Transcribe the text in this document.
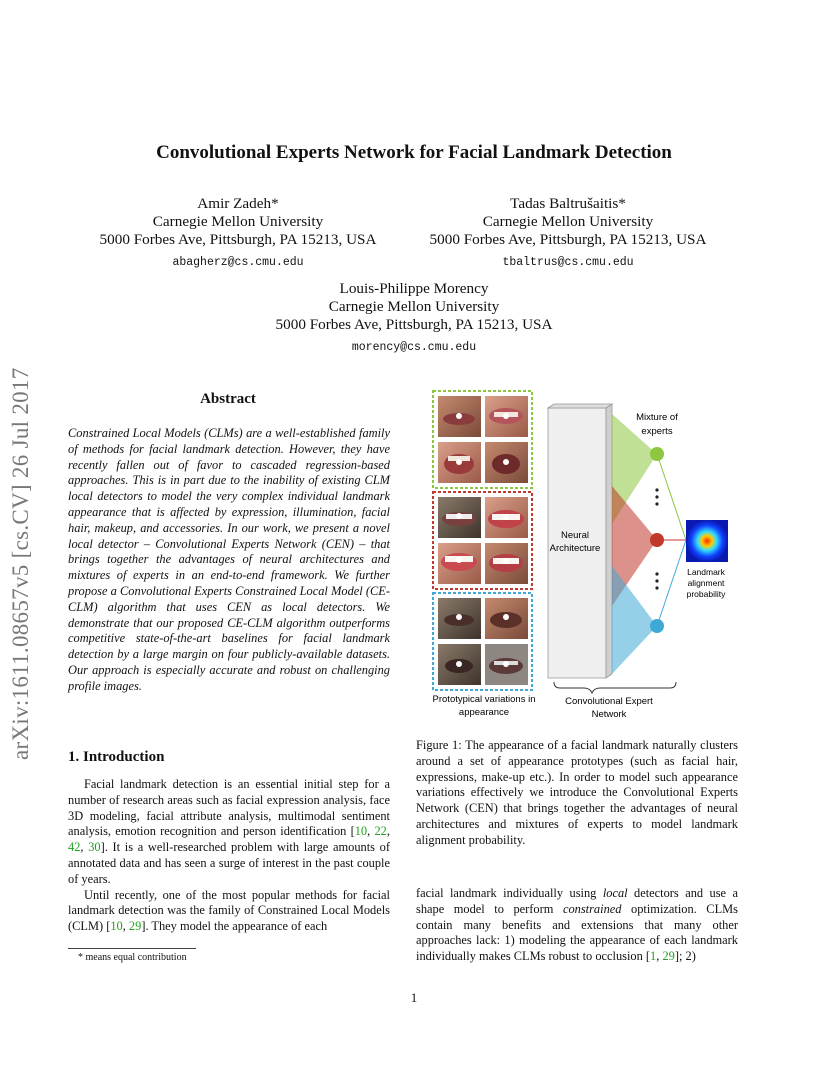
arXiv:1611.08657v5 [cs.CV] 26 Jul 2017
Convolutional Experts Network for Facial Landmark Detection
Amir Zadeh*
Carnegie Mellon University
5000 Forbes Ave, Pittsburgh, PA 15213, USA
abagherz@cs.cmu.edu
Tadas Baltrušaitis*
Carnegie Mellon University
5000 Forbes Ave, Pittsburgh, PA 15213, USA
tbaltrus@cs.cmu.edu
Louis-Philippe Morency
Carnegie Mellon University
5000 Forbes Ave, Pittsburgh, PA 15213, USA
morency@cs.cmu.edu
Abstract
Constrained Local Models (CLMs) are a well-established family of methods for facial landmark detection. However, they have recently fallen out of favor to cascaded regression-based approaches. This is in part due to the inability of existing CLM local detectors to model the very complex individual landmark appearance that is affected by expression, illumination, facial hair, makeup, and accessories. In our work, we present a novel local detector – Convolutional Experts Network (CEN) – that brings together the advantages of neural architectures and mixtures of experts in an end-to-end framework. We further propose a Convolutional Experts Constrained Local Model (CE-CLM) algorithm that uses CEN as local detectors. We demonstrate that our proposed CE-CLM algorithm outperforms competitive state-of-the-art baselines for facial landmark detection by a large margin on four publicly-available datasets. Our approach is especially accurate and robust on challenging profile images.
1. Introduction

Facial landmark detection is an essential initial step for a number of research areas such as facial expression analysis, face 3D modeling, facial attribute analysis, multimodal sentiment analysis, emotion recognition and person identification [10, 22, 42, 30]. It is a well-researched problem with large amounts of annotated data and has seen a surge of interest in the past couple of years.

Until recently, one of the most popular methods for facial landmark detection was the family of Constrained Local Models (CLM) [10, 29]. They model the appearance of each

* means equal contribution
Mixture of
experts
Neural
Architecture
Landmark
alignment
probability
Prototypical variations in
appearance
Convolutional Expert
Network
Figure 1: The appearance of a facial landmark naturally clusters around a set of appearance prototypes (such as facial hair, expressions, make-up etc.). In order to model such appearance variations effectively we introduce the Convolutional Experts Network (CEN) that brings together the advantages of neural architectures and mixtures of experts to model landmark alignment probability.
facial landmark individually using local detectors and use a shape model to perform constrained optimization. CLMs contain many benefits and extensions that many other approaches lack: 1) modeling the appearance of each landmark individually makes CLMs robust to occlusion [1, 29]; 2)
1
